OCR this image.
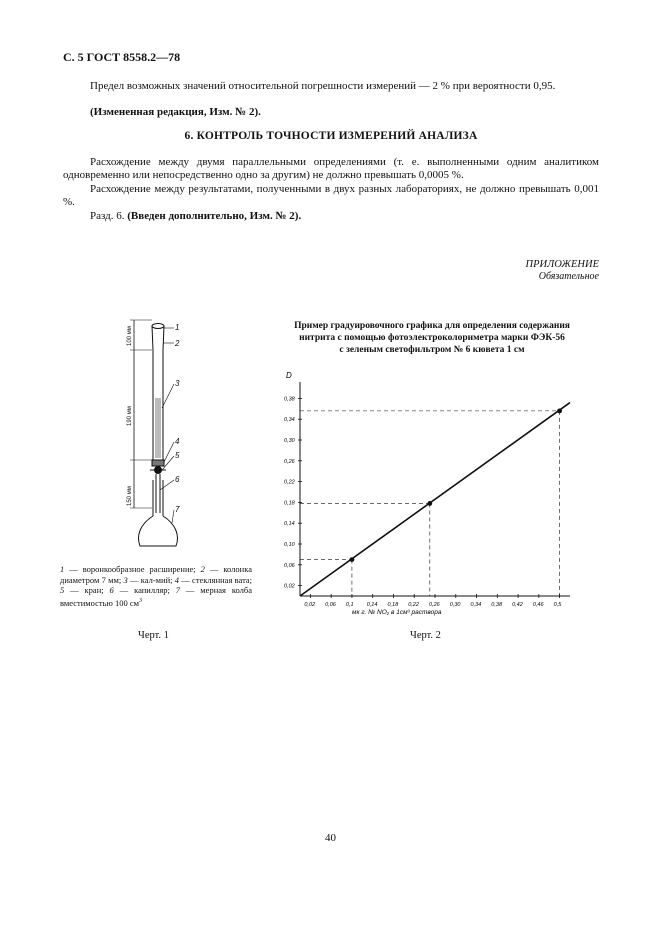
С. 5 ГОСТ 8558.2—78
Предел возможных значений относительной погрешности измерений — 2 % при вероятности 0,95.
(Измененная редакция, Изм. № 2).
6. КОНТРОЛЬ ТОЧНОСТИ ИЗМЕРЕНИЙ АНАЛИЗА
Расхождение между двумя параллельными определениями (т. е. выполненными одним аналитиком одновременно или непосредственно одно за другим) не должно превышать 0,0005 %.
Расхождение между результатами, полученными в двух разных лабораториях, не должно превышать 0,001 %.
Разд. 6. (Введен дополнительно, Изм. № 2).
ПРИЛОЖЕНИЕ
Обязательное
1
2
3
4
5
6
7
100 мм
190 мм
150 мм
1 — воронкообразное расширение; 2 — колонка диаметром 7 мм; 3 — кал-мий; 4 — стеклянная вата; 5 — кран; 6 — капилляр; 7 — мерная колба вместимостью 100 $см^3$
Черт. 1
Пример градуировочного графика для определения содержания
нитрита с помощью фотоэлектроколориметра марки ФЭК-56
с зеленым светофильтром № 6 кювета 1 см
D
0,02
0,06
0,10
0,14
0,18
0,22
0,26
0,30
0,34
0,38
0,02 0,06 0,1 0,14 0,18 0,22 0,26 0,30 0,34 0,38 0,42 0,46 0,5
мк г. № NO₂ в 1см³ раствора
Черт. 2
40
